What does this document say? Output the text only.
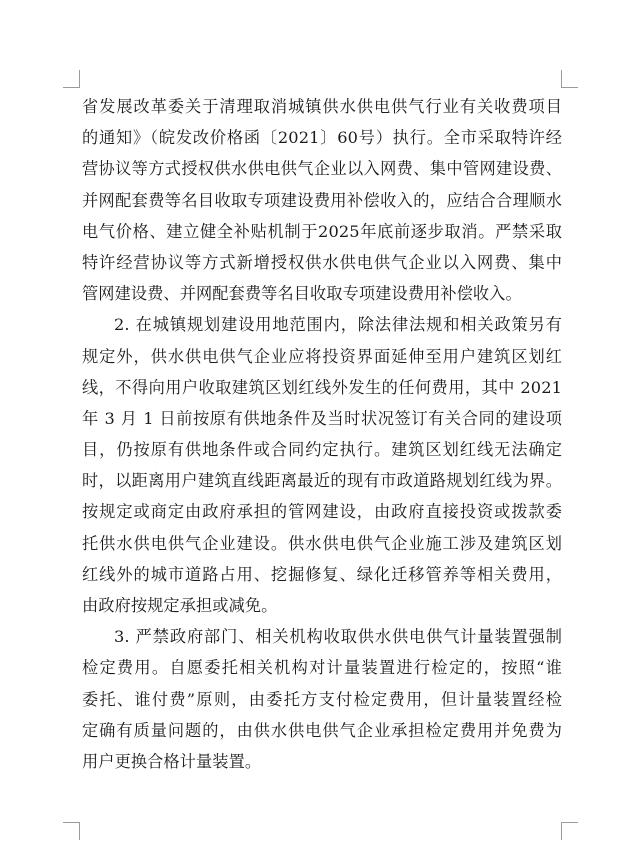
省发展改革委关于清理取消城镇供水供电供气行业有关收费项目
的通知》（皖发改价格函〔2021〕60号）执行。全市采取特许经
营协议等方式授权供水供电供气企业以入网费、集中管网建设费、
并网配套费等名目收取专项建设费用补偿收入的，应结合合理顺水
电气价格、建立健全补贴机制于2025年底前逐步取消。严禁采取
特许经营协议等方式新增授权供水供电供气企业以入网费、集中
管网建设费、并网配套费等名目收取专项建设费用补偿收入。
2. 在城镇规划建设用地范围内，除法律法规和相关政策另有
规定外，供水供电供气企业应将投资界面延伸至用户建筑区划红
线，不得向用户收取建筑区划红线外发生的任何费用，其中 2021
年 3 月 1 日前按原有供地条件及当时状况签订有关合同的建设项
目，仍按原有供地条件或合同约定执行。建筑区划红线无法确定
时，以距离用户建筑直线距离最近的现有市政道路规划红线为界。
按规定或商定由政府承担的管网建设，由政府直接投资或拨款委
托供水供电供气企业建设。供水供电供气企业施工涉及建筑区划
红线外的城市道路占用、挖掘修复、绿化迁移管养等相关费用，
由政府按规定承担或减免。
3. 严禁政府部门、相关机构收取供水供电供气计量装置强制
检定费用。自愿委托相关机构对计量装置进行检定的，按照“谁
委托、谁付费”原则，由委托方支付检定费用，但计量装置经检
定确有质量问题的，由供水供电供气企业承担检定费用并免费为
用户更换合格计量装置。
